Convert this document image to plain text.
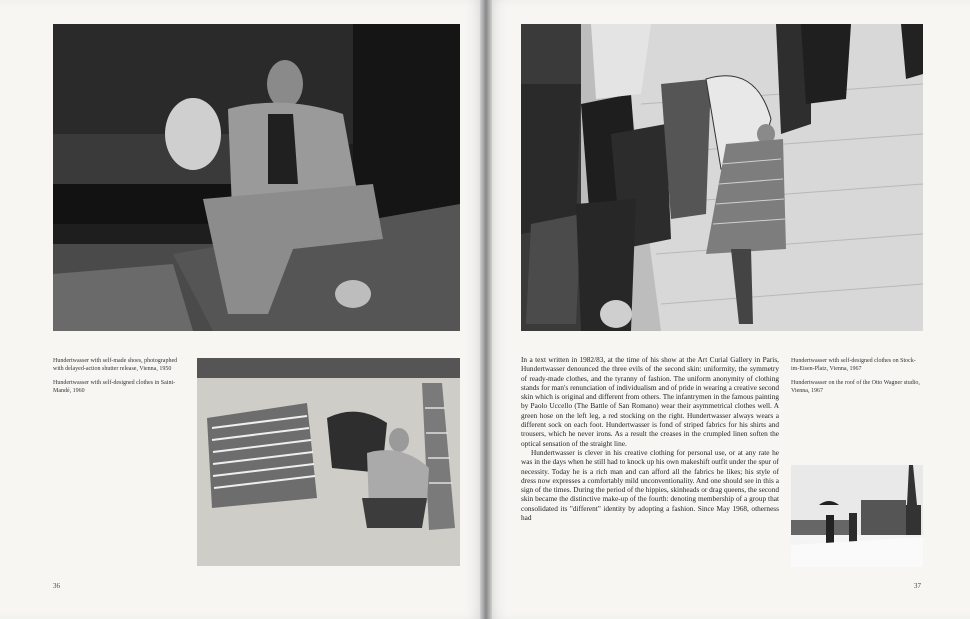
Hundertwasser with self-made shoes, photographed with delayed-action shutter release, Vienna, 1950

Hundertwasser with self-designed clothes in Saint-Mandé, 1960

36

In a text written in 1982/83, at the time of his show at the Art Curial Gallery in Paris, Hundertwasser denounced the three evils of the second skin: uniformity, the symmetry of ready-made clothes, and the tyranny of fashion. The uniform anonymity of clothing stands for man's renunciation of individualism and of pride in wearing a creative second skin which is original and different from others. The infantrymen in the famous painting by Paolo Uccello (The Battle of San Romano) wear their asymmetrical clothes well. A green hose on the left leg, a red stocking on the right. Hundertwasser always wears a different sock on each foot. Hundertwasser is fond of striped fabrics for his shirts and trousers, which he never irons. As a result the creases in the crumpled linen soften the optical sensation of the straight line.

Hundertwasser is clever in his creative clothing for personal use, or at any rate he was in the days when he still had to knock up his own makeshift outfit under the spur of necessity. Today he is a rich man and can afford all the fabrics he likes; his style of dress now expresses a comfortably mild unconventionality. And one should see in this a sign of the times. During the period of the hippies, skinheads or drag queens, the second skin became the distinctive make-up of the fourth: denoting membership of a group that consolidated its "different" identity by adopting a fashion. Since May 1968, otherness had

Hundertwasser with self-designed clothes on Stock-im-Eisen-Platz, Vienna, 1967

Hundertwasser on the roof of the Otto Wagner studio, Vienna, 1967

37
